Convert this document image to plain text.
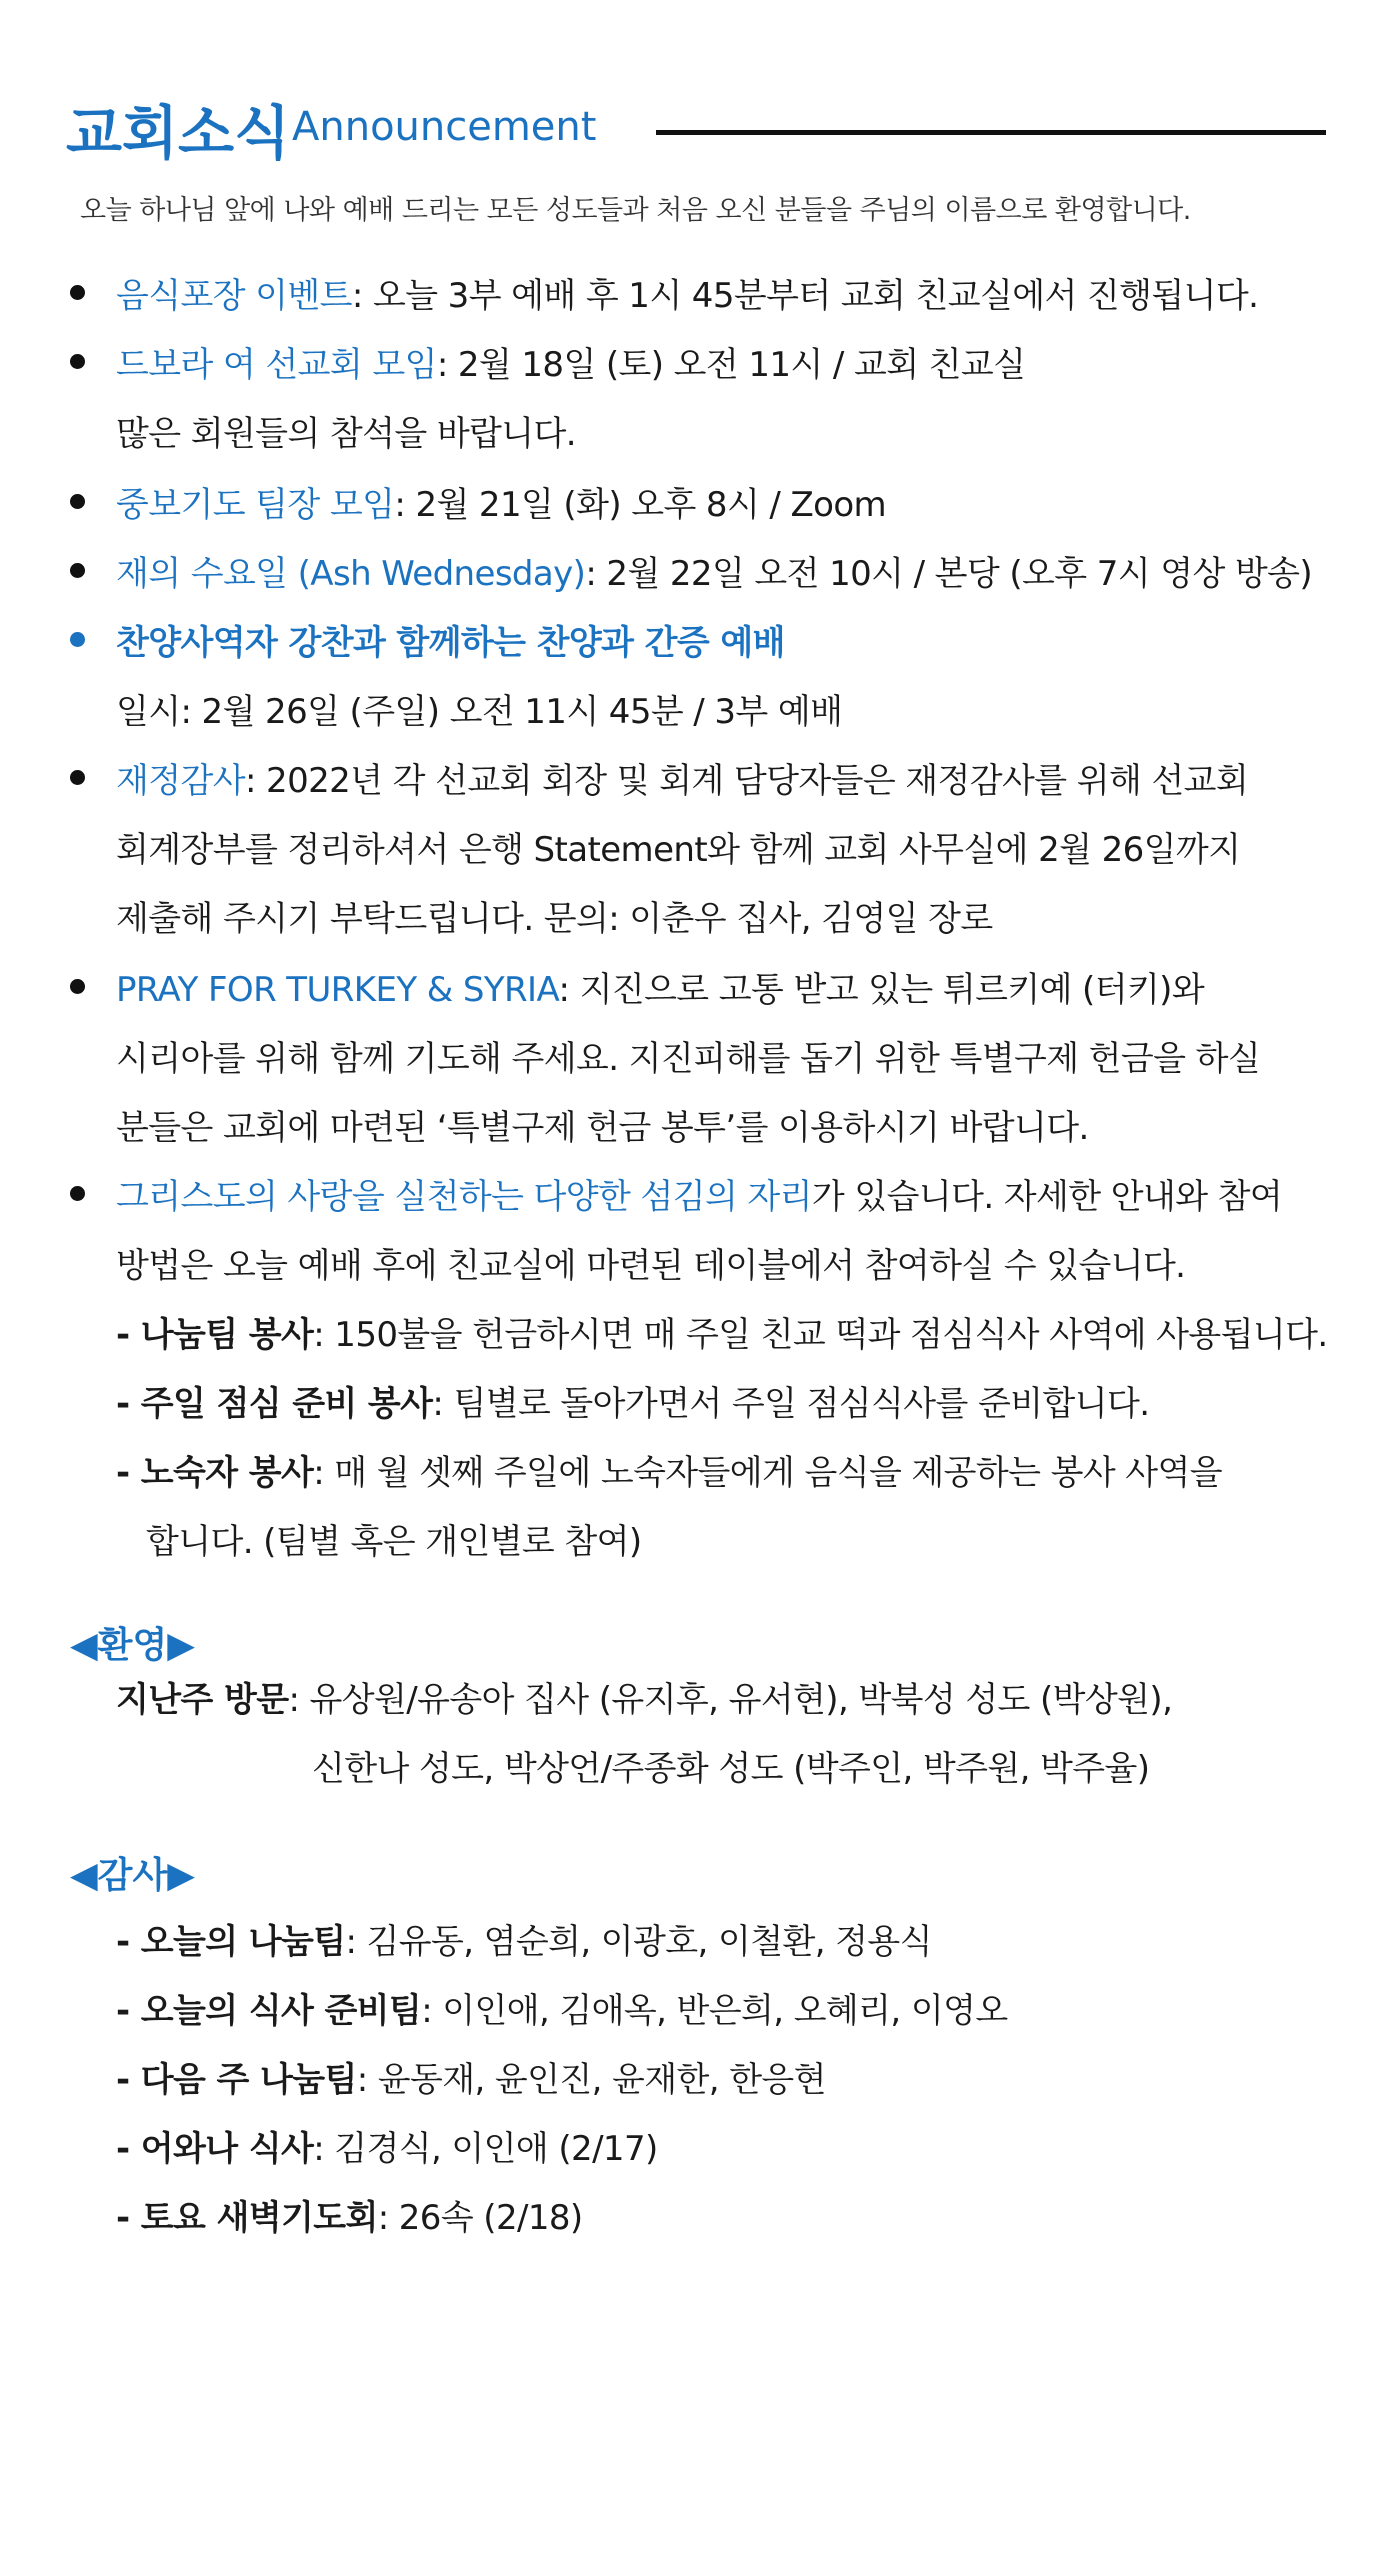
교회소식 Announcement
오늘 하나님 앞에 나와 예배 드리는 모든 성도들과 처음 오신 분들을 주님의 이름으로 환영합니다.
음식포장 이벤트: 오늘 3부 예배 후 1시 45분부터 교회 친교실에서 진행됩니다.
드보라 여 선교회 모임: 2월 18일 (토) 오전 11시 / 교회 친교실
많은 회원들의 참석을 바랍니다.
중보기도 팀장 모임: 2월 21일 (화) 오후 8시 / Zoom
재의 수요일 (Ash Wednesday): 2월 22일 오전 10시 / 본당 (오후 7시 영상 방송)
찬양사역자 강찬과 함께하는 찬양과 간증 예배
일시: 2월 26일 (주일) 오전 11시 45분 / 3부 예배
재정감사: 2022년 각 선교회 회장 및 회계 담당자들은 재정감사를 위해 선교회
회계장부를 정리하셔서 은행 Statement와 함께 교회 사무실에 2월 26일까지
제출해 주시기 부탁드립니다. 문의: 이춘우 집사, 김영일 장로
PRAY FOR TURKEY & SYRIA: 지진으로 고통 받고 있는 튀르키예 (터키)와
시리아를 위해 함께 기도해 주세요. 지진피해를 돕기 위한 특별구제 헌금을 하실
분들은 교회에 마련된 ‘특별구제 헌금 봉투’를 이용하시기 바랍니다.
그리스도의 사랑을 실천하는 다양한 섬김의 자리가 있습니다. 자세한 안내와 참여
방법은 오늘 예배 후에 친교실에 마련된 테이블에서 참여하실 수 있습니다.
- 나눔팀 봉사: 150불을 헌금하시면 매 주일 친교 떡과 점심식사 사역에 사용됩니다.
- 주일 점심 준비 봉사: 팀별로 돌아가면서 주일 점심식사를 준비합니다.
- 노숙자 봉사: 매 월 셋째 주일에 노숙자들에게 음식을 제공하는 봉사 사역을
합니다. (팀별 혹은 개인별로 참여)
◀환영▶
지난주 방문: 유상원/유송아 집사 (유지후, 유서현), 박북성 성도 (박상원),
신한나 성도, 박상언/주종화 성도 (박주인, 박주원, 박주율)
◀감사▶
- 오늘의 나눔팀: 김유동, 염순희, 이광호, 이철환, 정용식
- 오늘의 식사 준비팀: 이인애, 김애옥, 반은희, 오혜리, 이영오
- 다음 주 나눔팀: 윤동재, 윤인진, 윤재한, 한응현
- 어와나 식사: 김경식, 이인애 (2/17)
- 토요 새벽기도회: 26속 (2/18)
